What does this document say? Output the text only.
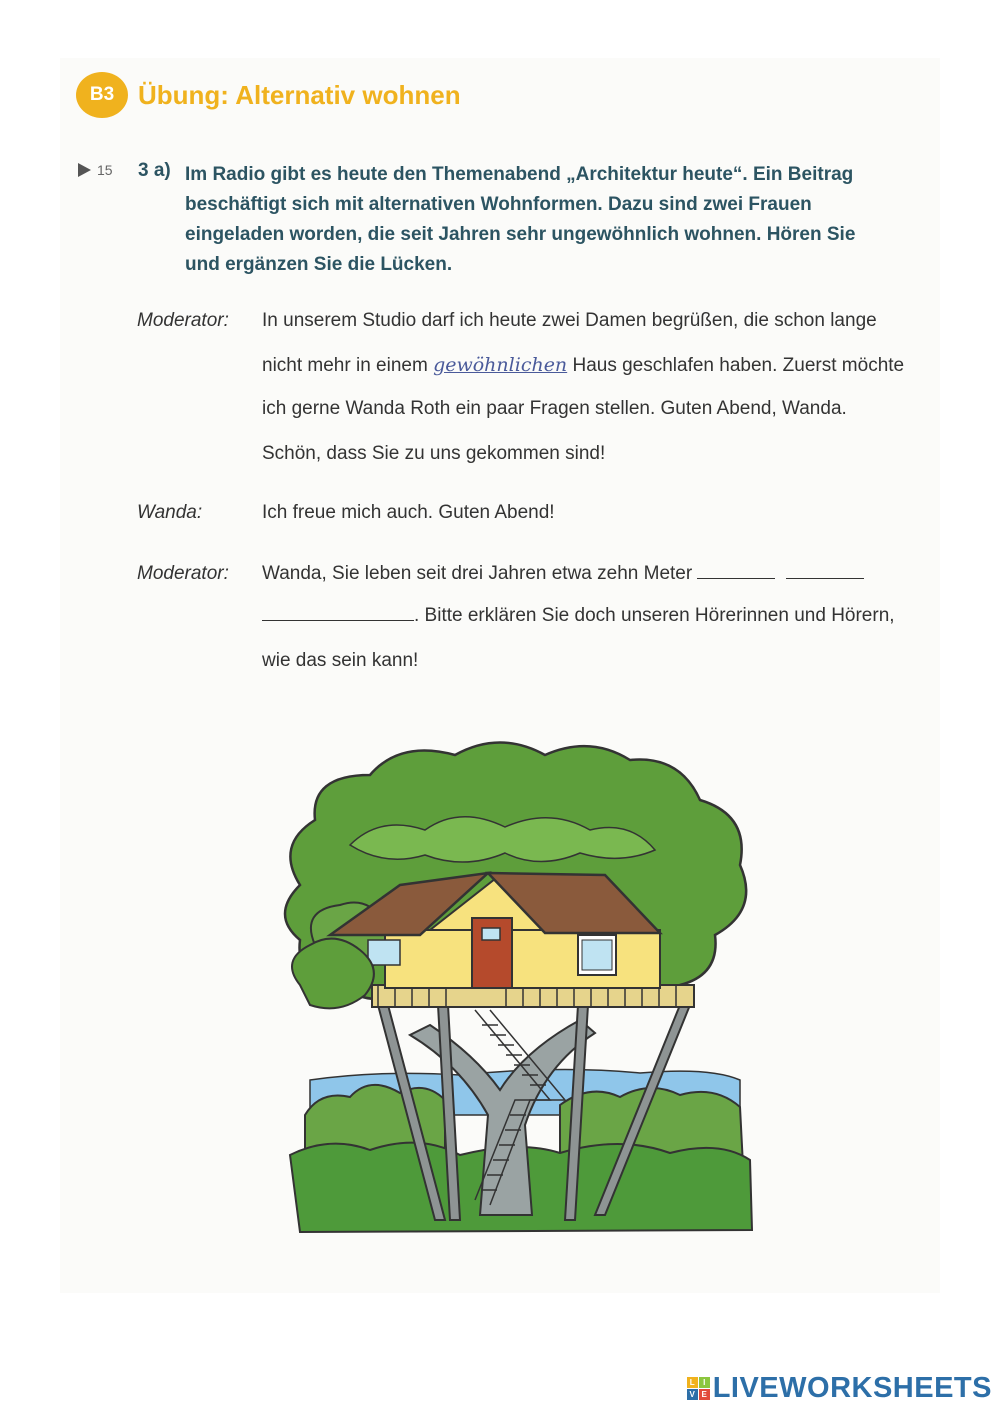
B3 Übung: Alternativ wohnen
15 3 a) Im Radio gibt es heute den Themenabend „Architektur heute“. Ein Beitrag
beschäftigt sich mit alternativen Wohnformen. Dazu sind zwei Frauen
eingeladen worden, die seit Jahren sehr ungewöhnlich wohnen. Hören Sie
und ergänzen Sie die Lücken.
Moderator: In unserem Studio darf ich heute zwei Damen begrüßen, die schon lange
nicht mehr in einem gewöhnlichen Haus geschlafen haben. Zuerst möchte
ich gerne Wanda Roth ein paar Fragen stellen. Guten Abend, Wanda.
Schön, dass Sie zu uns gekommen sind!
Wanda:	Ich freue mich auch. Guten Abend!
Moderator: Wanda, Sie leben seit drei Jahren etwa zehn Meter
. Bitte erklären Sie doch unseren Hörerinnen und Hörern,
wie das sein kann!
L	I
V E LIVEWORKSHEETS
